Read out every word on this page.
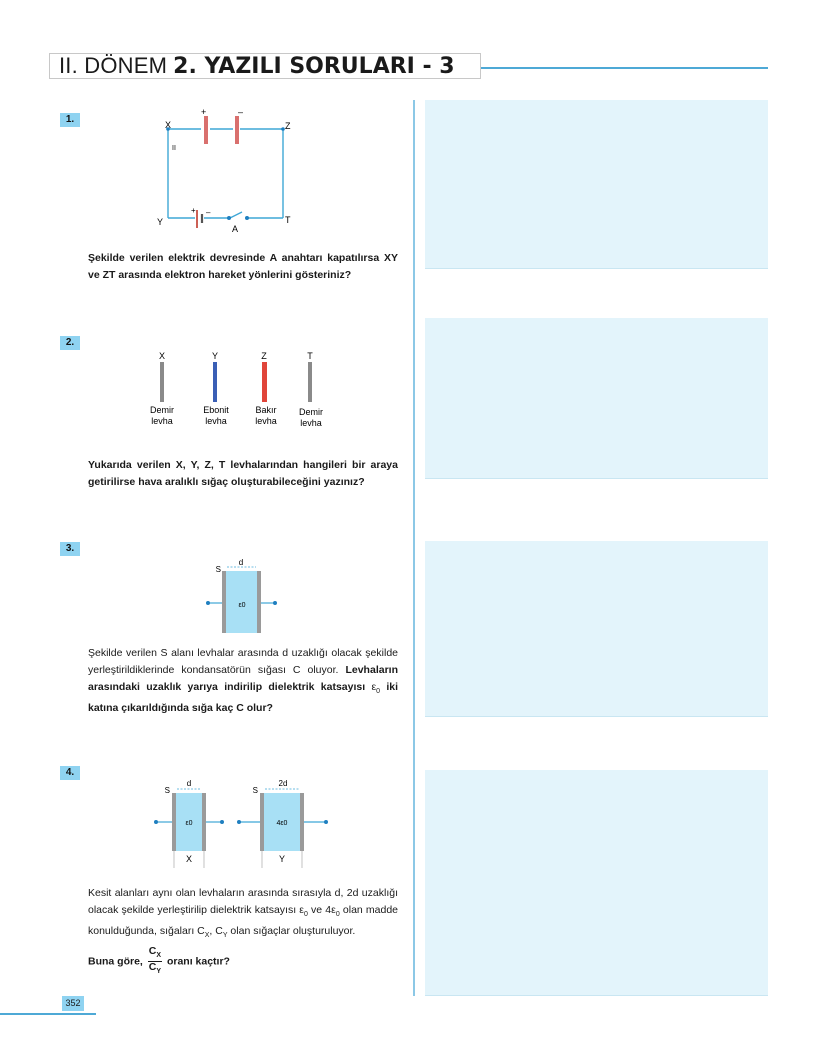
II. DÖNEM 2. YAZILI SORULARI - 3
1.	X	Z
Y	T
A
+	–
+ –
II
X	Y	Z	T
Demir
levha
Ebonit
levha
Bakır
levha
Demir
levha
d
S
ε0
d
S
ε0
X
2d
S
4ε0
Y
Şekilde verilen elektrik devresinde A anahtarı kapatılırsa XY ve ZT arasında elektron hareket yönlerini gösteriniz?
2.
Yukarıda verilen X, Y, Z, T levhalarından hangileri bir araya getirilirse hava aralıklı sığaç oluşturabileceğini yazınız?
3.
Şekilde verilen S alanı levhalar arasında d uzaklığı olacak şekilde yerleştirildiklerinde kondansatörün sığası C oluyor. Levhaların arasındaki uzaklık yarıya indirilip dielektrik katsayısı $\varepsilon_0$ iki katına çıkarıldığında sığa kaç C olur?
4.
Kesit alanları aynı olan levhaların arasında sırasıyla d, 2d uzaklığı olacak şekilde yerleştirilip dielektrik katsayısı $\varepsilon_0$ ve $4\varepsilon_0$ olan madde konulduğunda, sığaları $C_X$, $C_Y$ olan sığaçlar oluşturuluyor.
Buna göre, $\frac{C_X}{C_Y}$ oranı kaçtır?
352
